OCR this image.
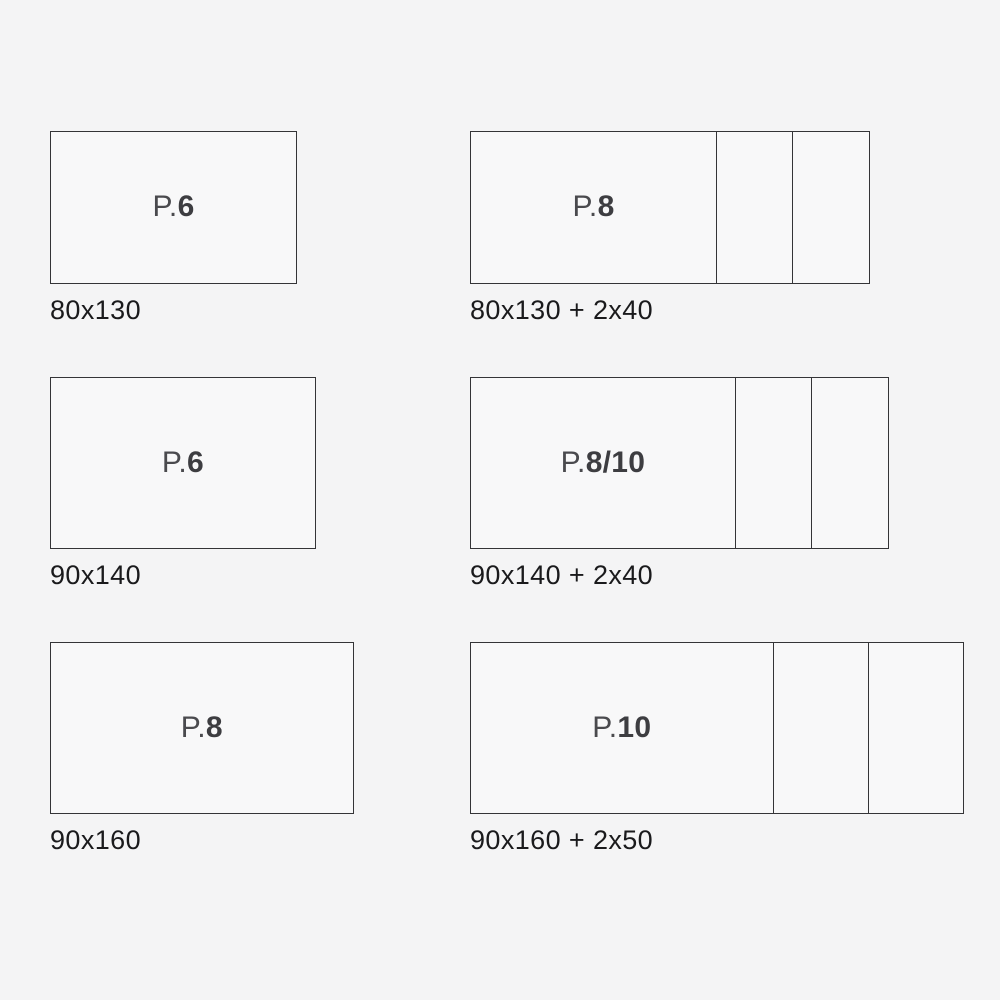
P.6
80x130
P.8
80x130 + 2x40
P.6
90x140
P.8/10
90x140 + 2x40
P.8
90x160
P.10
90x160 + 2x50
